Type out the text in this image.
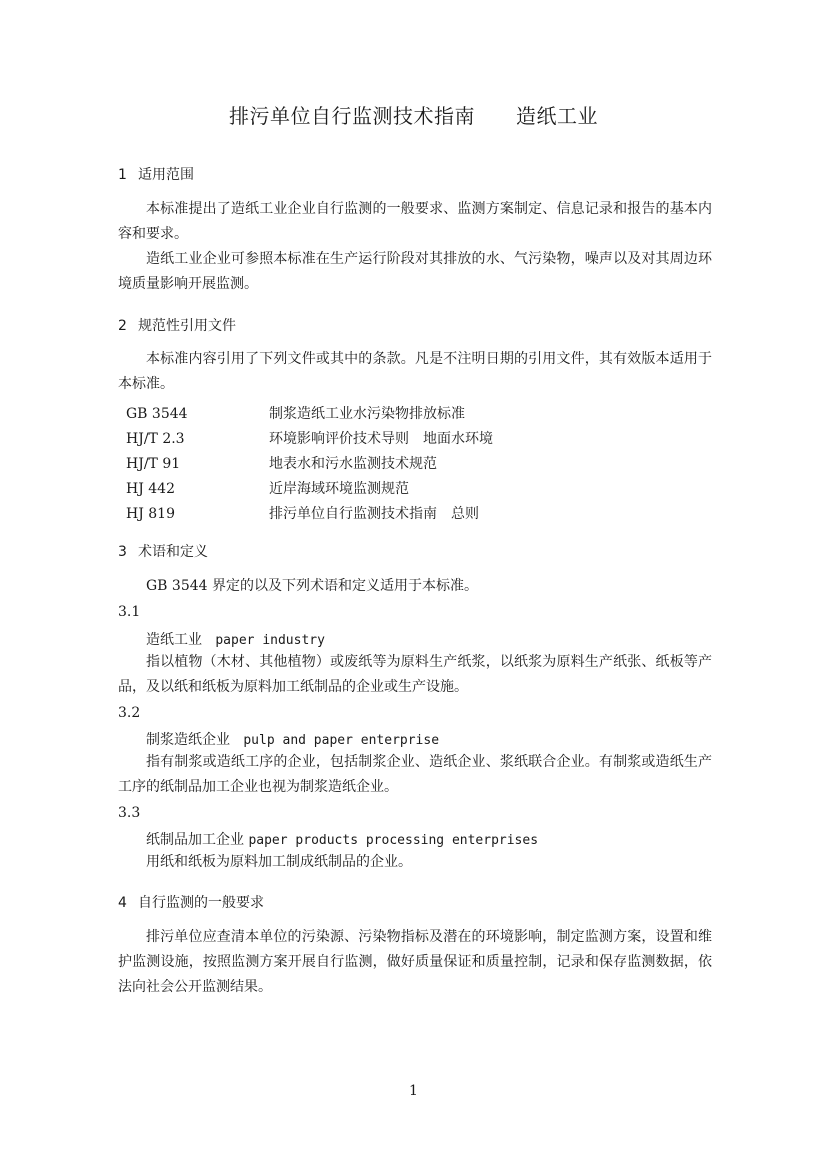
排污单位自行监测技术指南　　造纸工业
1 适用范围
本标准提出了造纸工业企业自行监测的一般要求、监测方案制定、信息记录和报告的基本内容和要求。
造纸工业企业可参照本标准在生产运行阶段对其排放的水、气污染物，噪声以及对其周边环境质量影响开展监测。
2 规范性引用文件
本标准内容引用了下列文件或其中的条款。凡是不注明日期的引用文件，其有效版本适用于本标准。
GB 3544	制浆造纸工业水污染物排放标准
HJ/T 2.3	环境影响评价技术导则　地面水环境
HJ/T 91	地表水和污水监测技术规范
HJ 442	近岸海域环境监测规范
HJ 819	排污单位自行监测技术指南　总则
3 术语和定义
GB 3544 界定的以及下列术语和定义适用于本标准。
3.1
造纸工业 paper industry
指以植物（木材、其他植物）或废纸等为原料生产纸浆，以纸浆为原料生产纸张、纸板等产品，及以纸和纸板为原料加工纸制品的企业或生产设施。
3.2
制浆造纸企业 pulp and paper enterprise
指有制浆或造纸工序的企业，包括制浆企业、造纸企业、浆纸联合企业。有制浆或造纸生产工序的纸制品加工企业也视为制浆造纸企业。
3.3
纸制品加工企业 paper products processing enterprises
用纸和纸板为原料加工制成纸制品的企业。
4 自行监测的一般要求
排污单位应查清本单位的污染源、污染物指标及潜在的环境影响，制定监测方案，设置和维护监测设施，按照监测方案开展自行监测，做好质量保证和质量控制，记录和保存监测数据，依法向社会公开监测结果。
1
